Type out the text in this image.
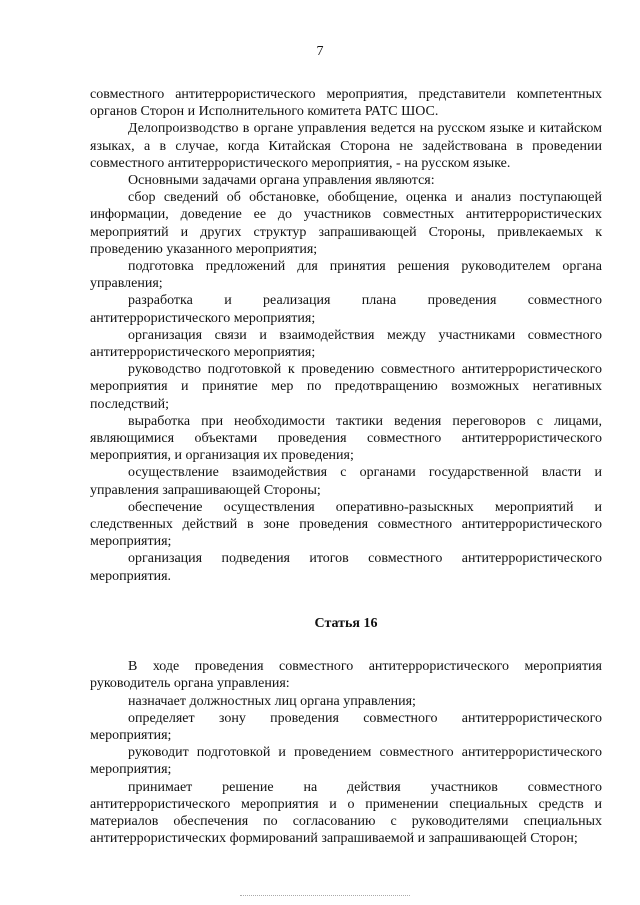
7

совместного антитеррористического мероприятия, представители компетентных органов Сторон и Исполнительного комитета РАТС ШОС.

Делопроизводство в органе управления ведется на русском языке и китайском языках, а в случае, когда Китайская Сторона не задействована в проведении совместного антитеррористического мероприятия, - на русском языке.

Основными задачами органа управления являются:

сбор сведений об обстановке, обобщение, оценка и анализ поступающей информации, доведение ее до участников совместных антитеррористических мероприятий и других структур запрашивающей Стороны, привлекаемых к проведению указанного мероприятия;

подготовка предложений для принятия решения руководителем органа управления;

разработка и реализация плана проведения совместного антитеррористического мероприятия;

организация связи и взаимодействия между участниками совместного антитеррористического мероприятия;

руководство подготовкой к проведению совместного антитеррористического мероприятия и принятие мер по предотвращению возможных негативных последствий;

выработка при необходимости тактики ведения переговоров с лицами, являющимися объектами проведения совместного антитеррористического мероприятия, и организация их проведения;

осуществление взаимодействия с органами государственной власти и управления запрашивающей Стороны;

обеспечение осуществления оперативно-разыскных мероприятий и следственных действий в зоне проведения совместного антитеррористического мероприятия;

организация подведения итогов совместного антитеррористического мероприятия.

Статья 16

В ходе проведения совместного антитеррористического мероприятия руководитель органа управления:

назначает должностных лиц органа управления;

определяет зону проведения совместного антитеррористического мероприятия;

руководит подготовкой и проведением совместного антитеррористического мероприятия;

принимает решение на действия участников совместного антитеррористического мероприятия и о применении специальных средств и материалов обеспечения по согласованию с руководителями специальных антитеррористических формирований запрашиваемой и запрашивающей Сторон;
